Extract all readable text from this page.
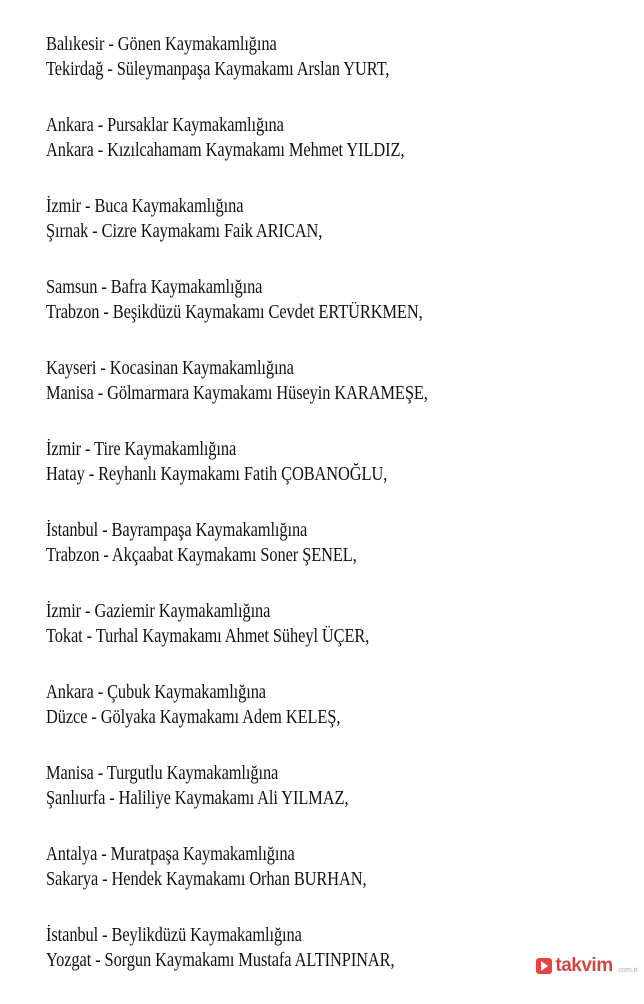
Balıkesir - Gönen Kaymakamlığına
Tekirdağ - Süleymanpaşa Kaymakamı Arslan YURT,
Ankara - Pursaklar Kaymakamlığına
Ankara - Kızılcahamam Kaymakamı Mehmet YILDIZ,
İzmir - Buca Kaymakamlığına
Şırnak - Cizre Kaymakamı Faik ARICAN,
Samsun - Bafra Kaymakamlığına
Trabzon - Beşikdüzü Kaymakamı Cevdet ERTÜRKMEN,
Kayseri - Kocasinan Kaymakamlığına
Manisa - Gölmarmara Kaymakamı Hüseyin KARAMEŞE,
İzmir - Tire Kaymakamlığına
Hatay - Reyhanlı Kaymakamı Fatih ÇOBANOĞLU,
İstanbul - Bayrampaşa Kaymakamlığına
Trabzon - Akçaabat Kaymakamı Soner ŞENEL,
İzmir - Gaziemir Kaymakamlığına
Tokat - Turhal Kaymakamı Ahmet Süheyl ÜÇER,
Ankara - Çubuk Kaymakamlığına
Düzce - Gölyaka Kaymakamı Adem KELEŞ,
Manisa - Turgutlu Kaymakamlığına
Şanlıurfa - Haliliye Kaymakamı Ali YILMAZ,
Antalya - Muratpaşa Kaymakamlığına
Sakarya - Hendek Kaymakamı Orhan BURHAN,
İstanbul - Beylikdüzü Kaymakamlığına
Yozgat - Sorgun Kaymakamı Mustafa ALTINPINAR,	takvim .com.tr
